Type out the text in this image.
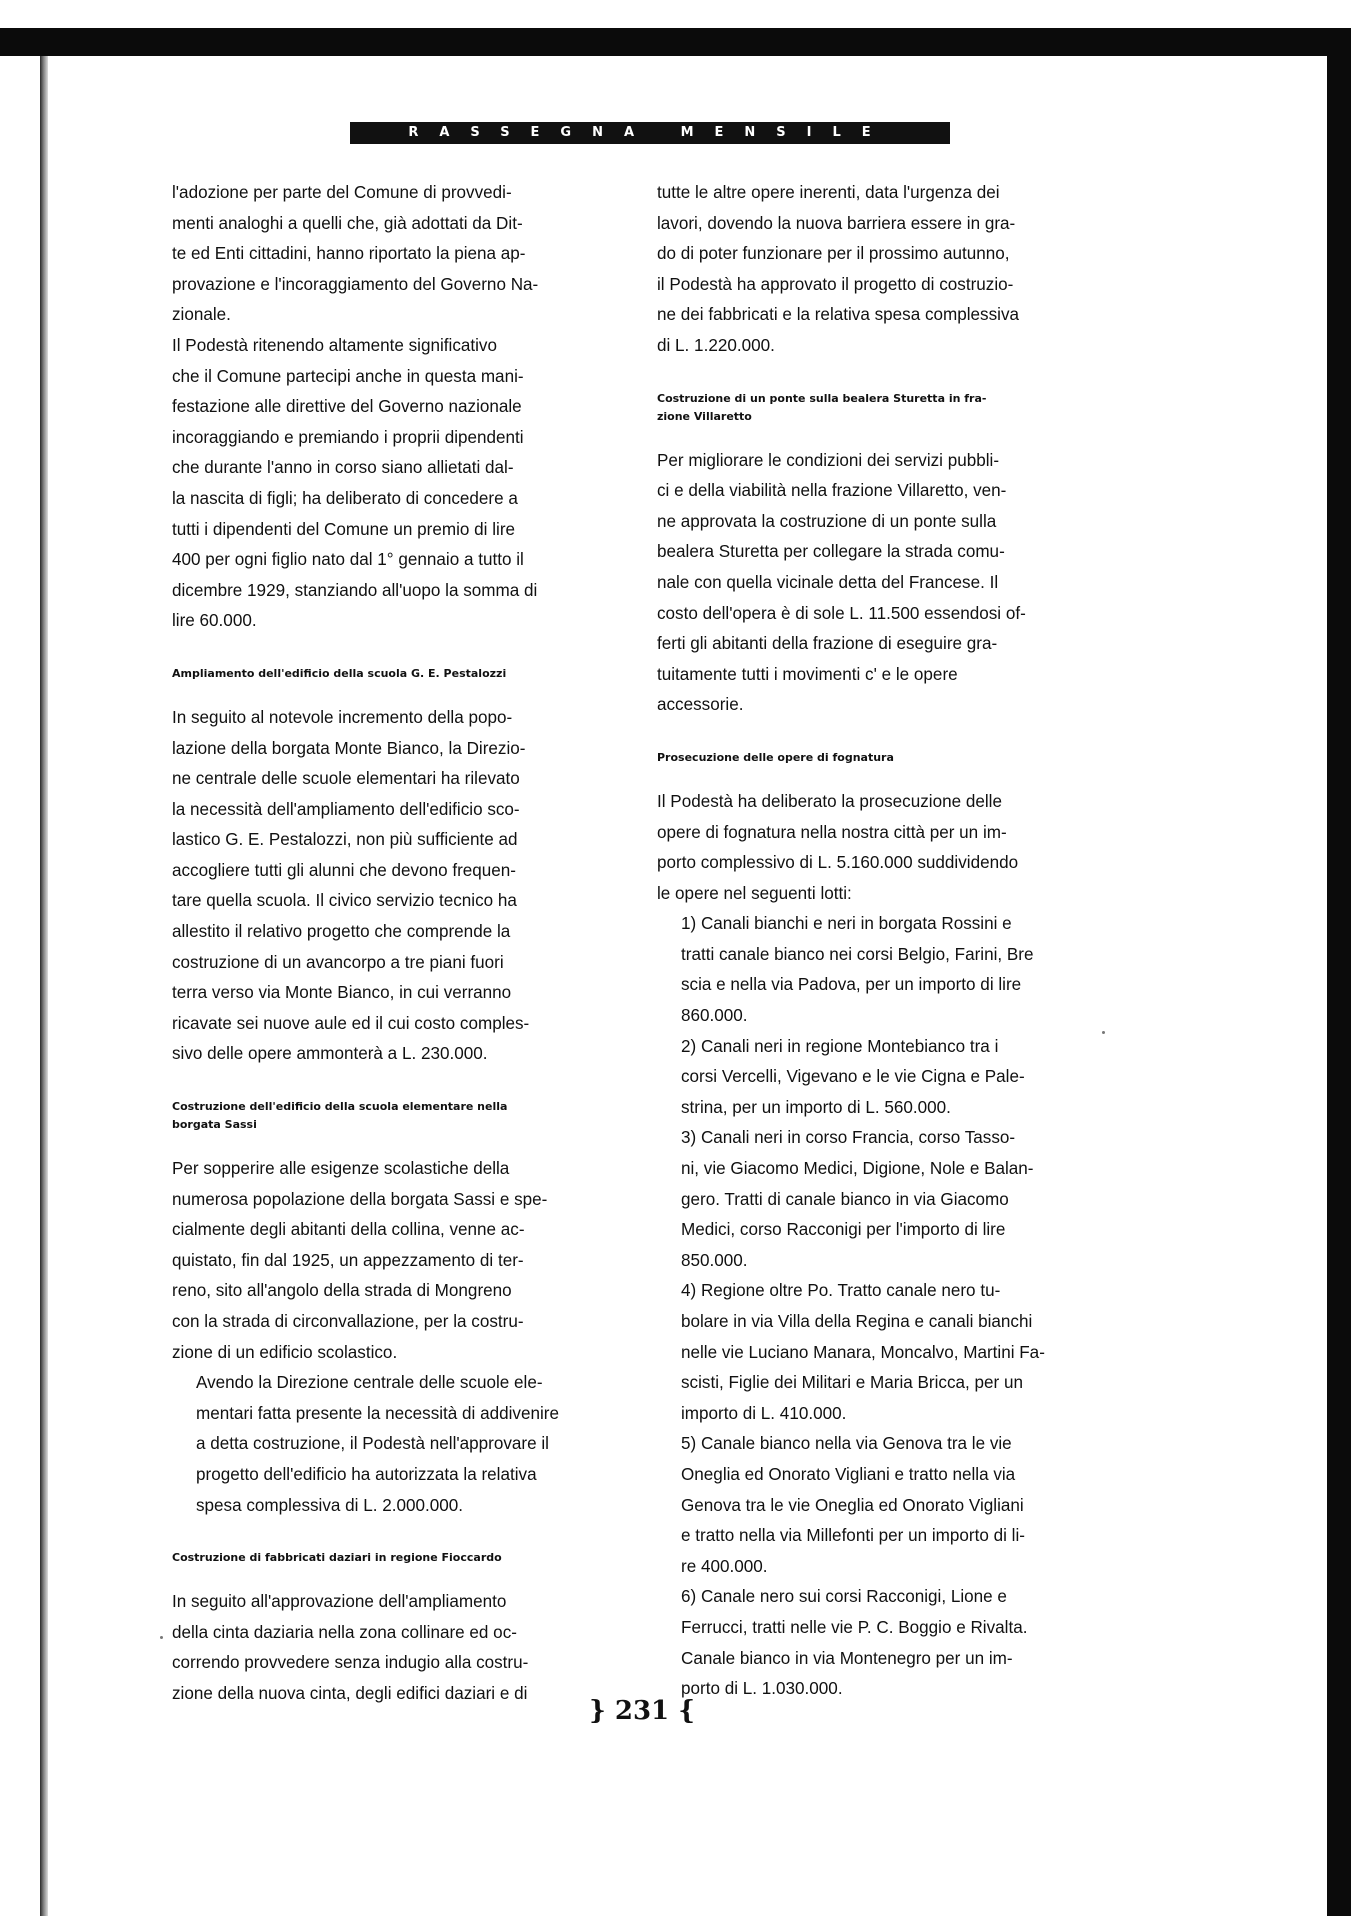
RASSEGNA MENSILE

l'adozione per parte del Comune di provvedi-
menti analoghi a quelli che, già adottati da Dit-
te ed Enti cittadini, hanno riportato la piena ap-
provazione e l'incoraggiamento del Governo Na-
zionale.

Il Podestà ritenendo altamente significativo
che il Comune partecipi anche in questa mani-
festazione alle direttive del Governo nazionale
incoraggiando e premiando i proprii dipendenti
che durante l'anno in corso siano allietati dal-
la nascita di figli; ha deliberato di concedere a
tutti i dipendenti del Comune un premio di lire
400 per ogni figlio nato dal 1° gennaio a tutto il
dicembre 1929, stanziando all'uopo la somma di
lire 60.000.

Ampliamento dell'edificio della scuola G. E. Pestalozzi

In seguito al notevole incremento della popo-
lazione della borgata Monte Bianco, la Direzio-
ne centrale delle scuole elementari ha rilevato
la necessità dell'ampliamento dell'edificio sco-
lastico G. E. Pestalozzi, non più sufficiente ad
accogliere tutti gli alunni che devono frequen-
tare quella scuola. Il civico servizio tecnico ha
allestito il relativo progetto che comprende la
costruzione di un avancorpo a tre piani fuori
terra verso via Monte Bianco, in cui verranno
ricavate sei nuove aule ed il cui costo comples-
sivo delle opere ammonterà a L. 230.000.

Costruzione dell'edificio della scuola elementare nella
borgata Sassi

Per sopperire alle esigenze scolastiche della
numerosa popolazione della borgata Sassi e spe-
cialmente degli abitanti della collina, venne ac-
quistato, fin dal 1925, un appezzamento di ter-
reno, sito all'angolo della strada di Mongreno
con la strada di circonvallazione, per la costru-
zione di un edificio scolastico.

Avendo la Direzione centrale delle scuole ele-
mentari fatta presente la necessità di addivenire
a detta costruzione, il Podestà nell'approvare il
progetto dell'edificio ha autorizzata la relativa
spesa complessiva di L. 2.000.000.

Costruzione di fabbricati daziari in regione Fioccardo

In seguito all'approvazione dell'ampliamento
della cinta daziaria nella zona collinare ed oc-
correndo provvedere senza indugio alla costru-
zione della nuova cinta, degli edifici daziari e di

tutte le altre opere inerenti, data l'urgenza dei
lavori, dovendo la nuova barriera essere in gra-
do di poter funzionare per il prossimo autunno,
il Podestà ha approvato il progetto di costruzio-
ne dei fabbricati e la relativa spesa complessiva
di L. 1.220.000.

Costruzione di un ponte sulla bealera Sturetta in fra-
zione Villaretto

Per migliorare le condizioni dei servizi pubbli-
ci e della viabilità nella frazione Villaretto, ven-
ne approvata la costruzione di un ponte sulla
bealera Sturetta per collegare la strada comu-
nale con quella vicinale detta del Francese. Il
costo dell'opera è di sole L. 11.500 essendosi of-
ferti gli abitanti della frazione di eseguire gra-
tuitamente tutti i movimenti c' e le opere
accessorie.

Prosecuzione delle opere di fognatura

Il Podestà ha deliberato la prosecuzione delle
opere di fognatura nella nostra città per un im-
porto complessivo di L. 5.160.000 suddividendo
le opere nel seguenti lotti:

1) Canali bianchi e neri in borgata Rossini e
tratti canale bianco nei corsi Belgio, Farini, Bre
scia e nella via Padova, per un importo di lire
860.000.

2) Canali neri in regione Montebianco tra i
corsi Vercelli, Vigevano e le vie Cigna e Pale-
strina, per un importo di L. 560.000.

3) Canali neri in corso Francia, corso Tasso-
ni, vie Giacomo Medici, Digione, Nole e Balan-
gero. Tratti di canale bianco in via Giacomo
Medici, corso Racconigi per l'importo di lire
850.000.

4) Regione oltre Po. Tratto canale nero tu-
bolare in via Villa della Regina e canali bianchi
nelle vie Luciano Manara, Moncalvo, Martini Fa-
scisti, Figlie dei Militari e Maria Bricca, per un
importo di L. 410.000.

5) Canale bianco nella via Genova tra le vie
Oneglia ed Onorato Vigliani e tratto nella via
Genova tra le vie Oneglia ed Onorato Vigliani
e tratto nella via Millefonti per un importo di li-
re 400.000.

6) Canale nero sui corsi Racconigi, Lione e
Ferrucci, tratti nelle vie P. C. Boggio e Rivalta.
Canale bianco in via Montenegro per un im-
porto di L. 1.030.000.

} 231 {
